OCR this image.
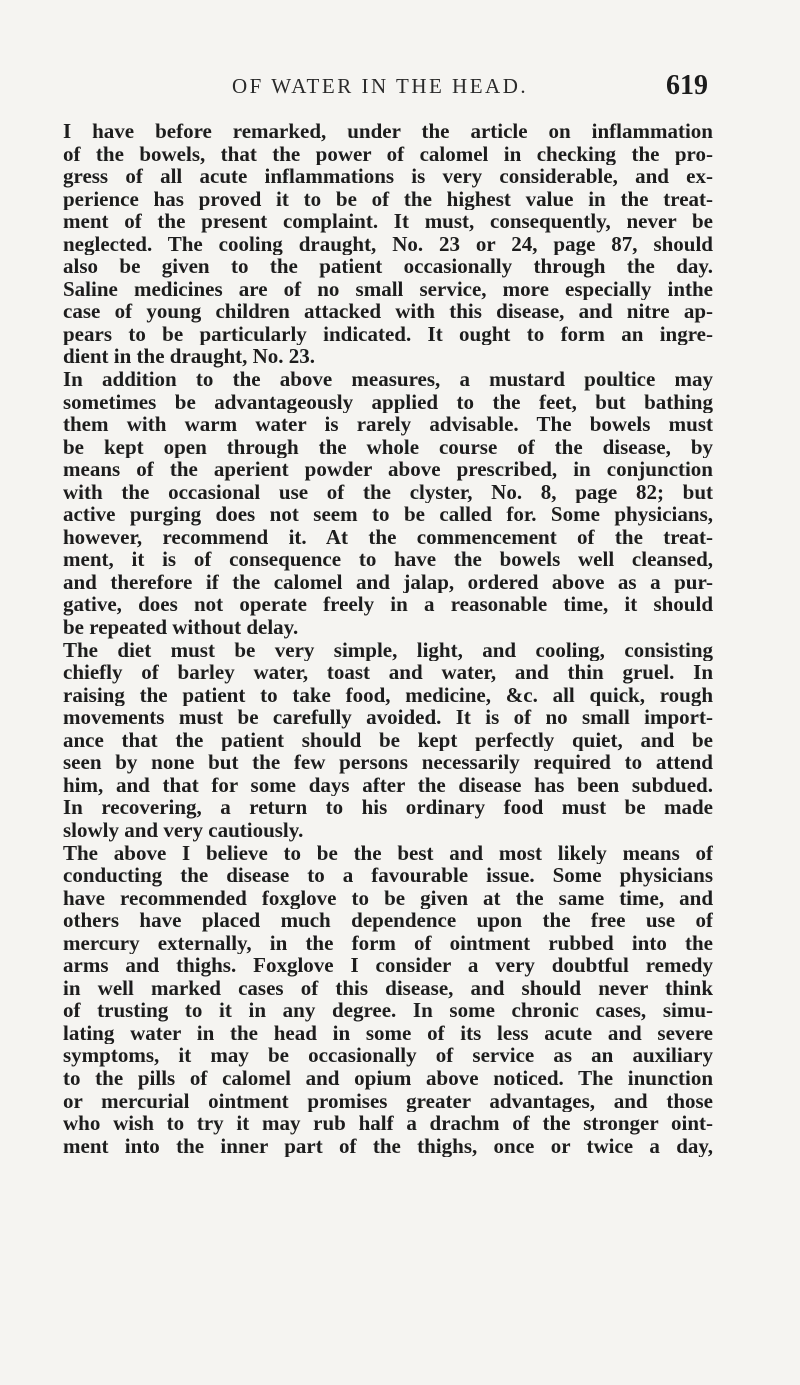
OF WATER IN THE HEAD.	619
I have before remarked, under the article on inflammation
of the bowels, that the power of calomel in checking the pro-
gress of all acute inflammations is very considerable, and ex-
perience has proved it to be of the highest value in the treat-
ment of the present complaint. It must, consequently, never be
neglected. The cooling draught, No. 23 or 24, page 87, should
also be given to the patient occasionally through the day.
Saline medicines are of no small service, more especially inthe
case of young children attacked with this disease, and nitre ap-
pears to be particularly indicated. It ought to form an ingre-
dient in the draught, No. 23.
In addition to the above measures, a mustard poultice may
sometimes be advantageously applied to the feet, but bathing
them with warm water is rarely advisable. The bowels must
be kept open through the whole course of the disease, by
means of the aperient powder above prescribed, in conjunction
with the occasional use of the clyster, No. 8, page 82; but
active purging does not seem to be called for. Some physicians,
however, recommend it. At the commencement of the treat-
ment, it is of consequence to have the bowels well cleansed,
and therefore if the calomel and jalap, ordered above as a pur-
gative, does not operate freely in a reasonable time, it should
be repeated without delay.
The diet must be very simple, light, and cooling, consisting
chiefly of barley water, toast and water, and thin gruel. In
raising the patient to take food, medicine, &c. all quick, rough
movements must be carefully avoided. It is of no small import-
ance that the patient should be kept perfectly quiet, and be
seen by none but the few persons necessarily required to attend
him, and that for some days after the disease has been subdued.
In recovering, a return to his ordinary food must be made
slowly and very cautiously.
The above I believe to be the best and most likely means of
conducting the disease to a favourable issue. Some physicians
have recommended foxglove to be given at the same time, and
others have placed much dependence upon the free use of
mercury externally, in the form of ointment rubbed into the
arms and thighs. Foxglove I consider a very doubtful remedy
in well marked cases of this disease, and should never think
of trusting to it in any degree. In some chronic cases, simu-
lating water in the head in some of its less acute and severe
symptoms, it may be occasionally of service as an auxiliary
to the pills of calomel and opium above noticed. The inunction
or mercurial ointment promises greater advantages, and those
who wish to try it may rub half a drachm of the stronger oint-
ment into the inner part of the thighs, once or twice a day,
